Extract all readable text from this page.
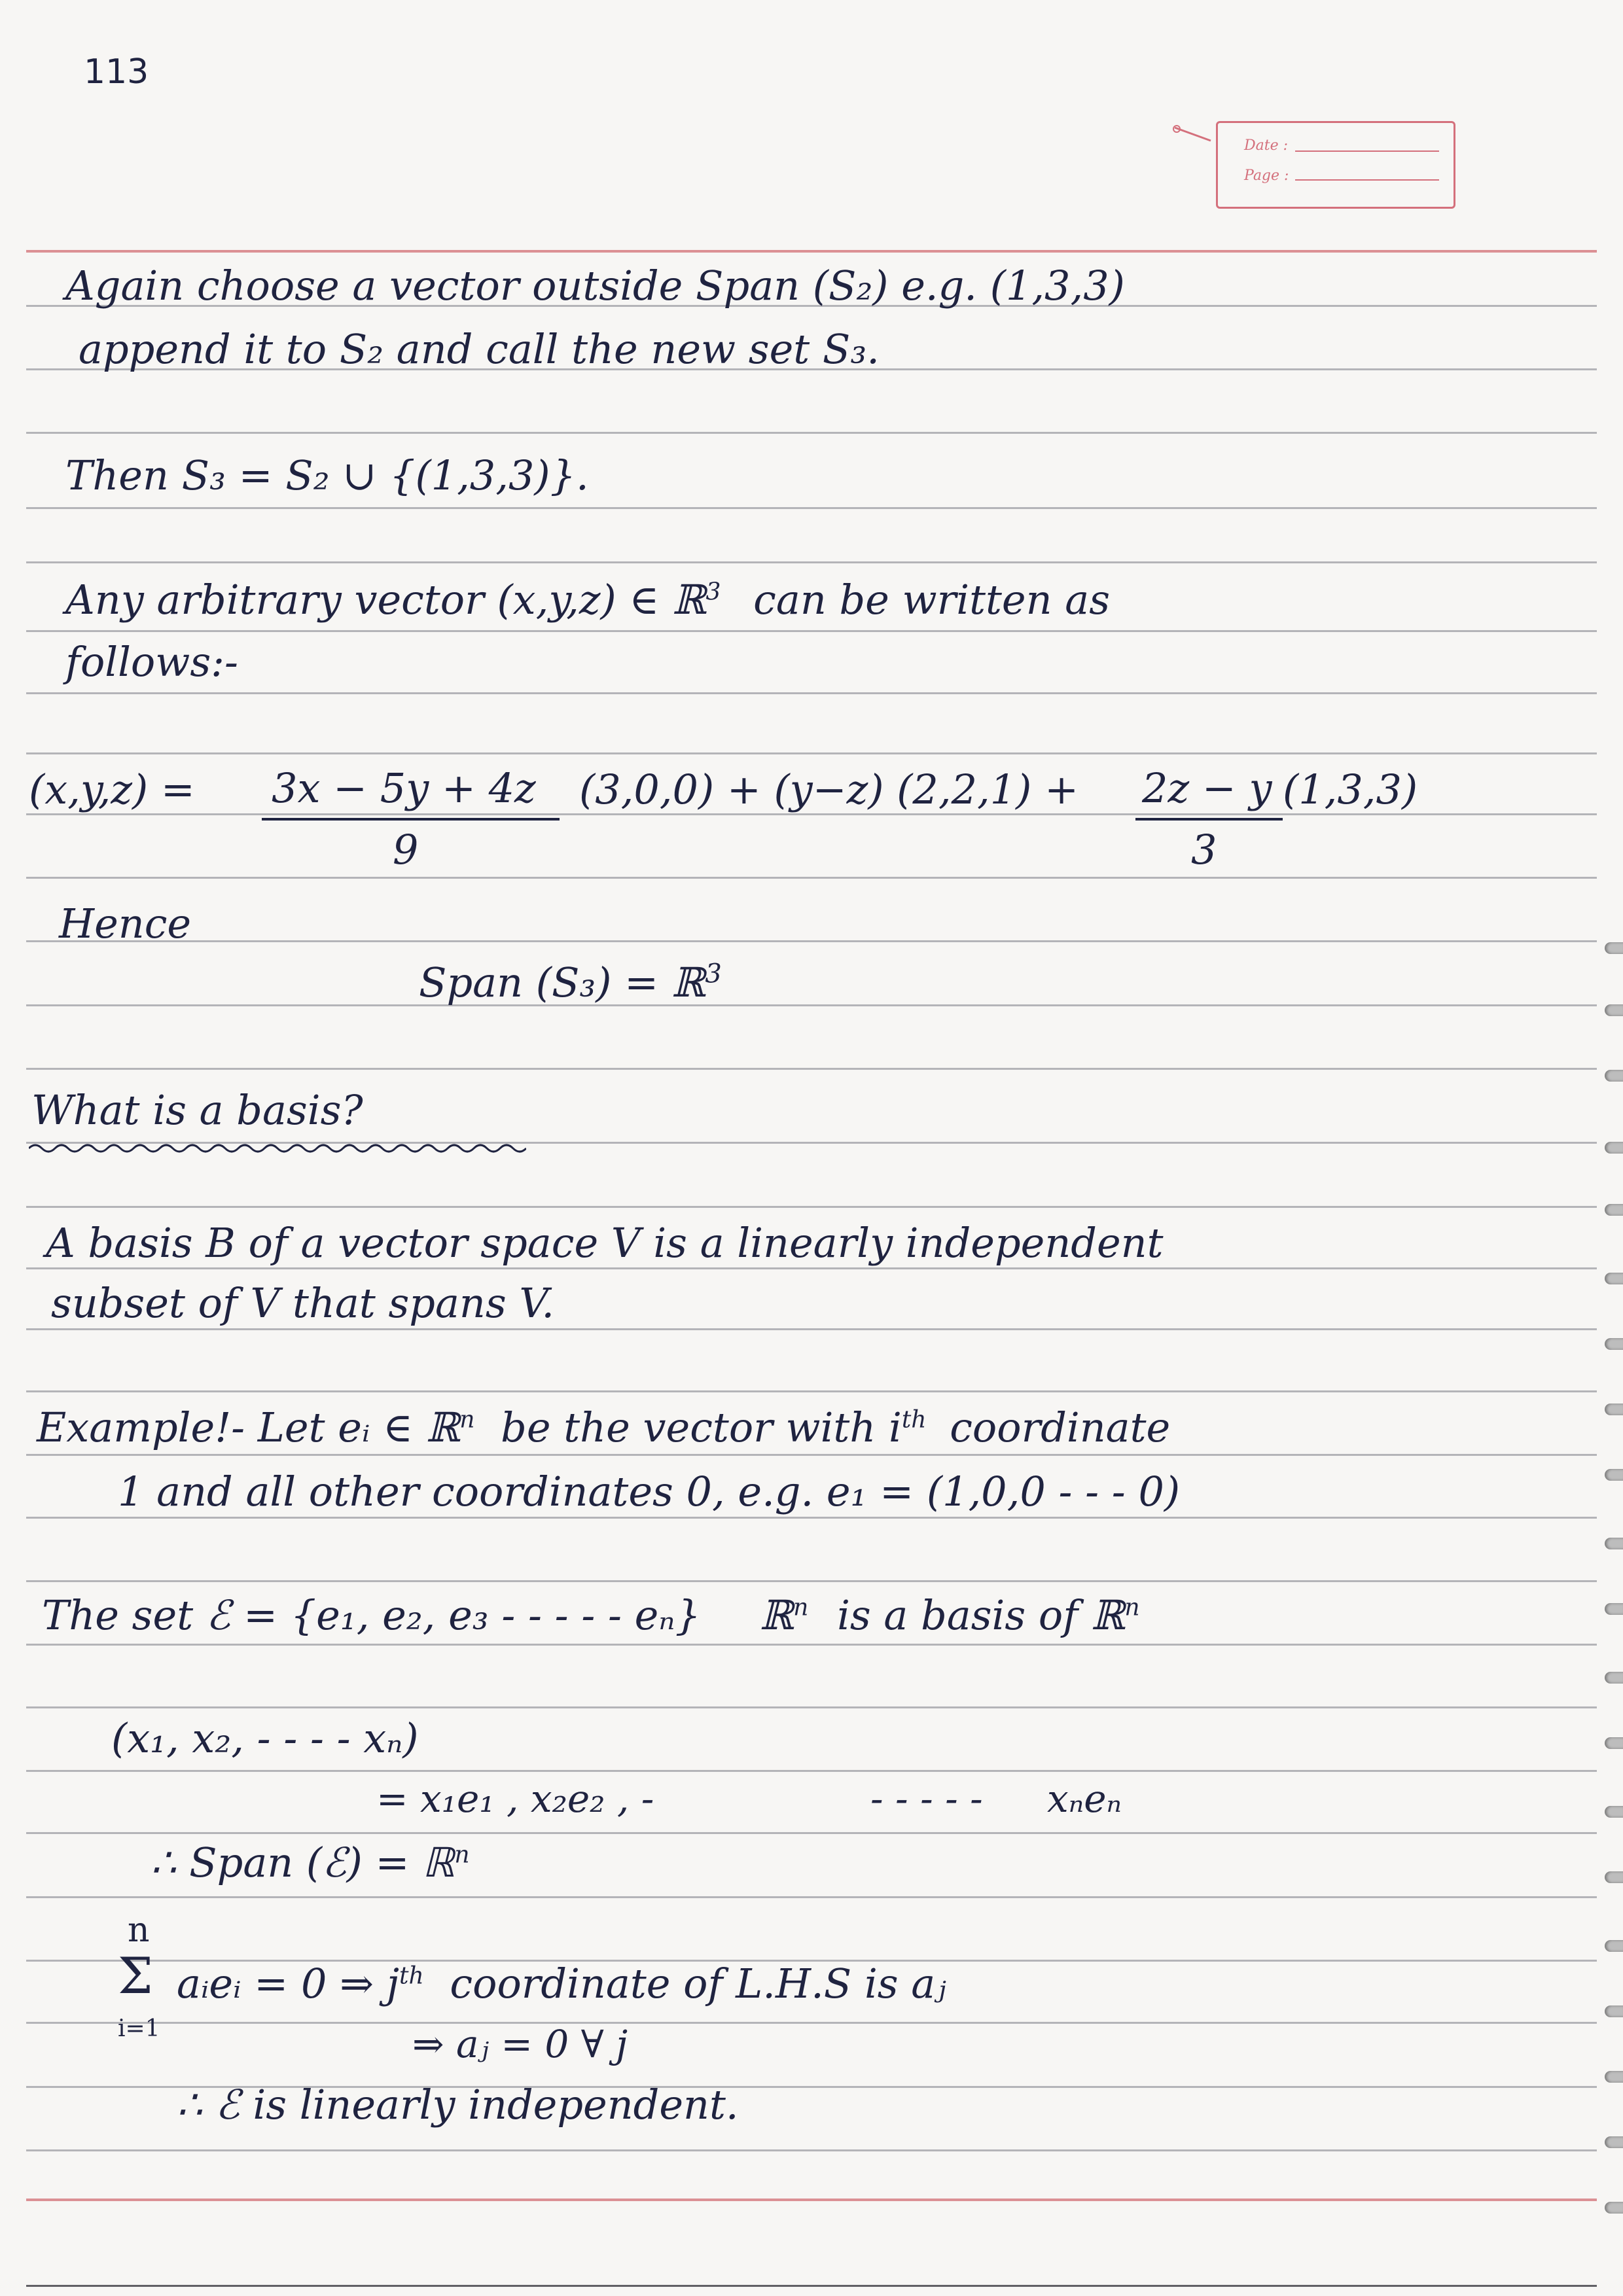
113
Date :
Page :
Again choose a vector outside Span (S₂) e.g. (1,3,3)
append it to S₂ and call the new set S₃.
Then S₃ = S₂ ∪ {(1,3,3)}.
Any arbitrary vector (x,y,z) ∈ ℝ$^3$ can be written as
follows:-
(x,y,z) = 3x − 5y + 4z
9
(3,0,0) + (y−z) (2,2,1) + 2z − y
3
(1,3,3)
Hence
Span (S₃) = ℝ$^3$
What is a basis?
A basis B of a vector space V is a linearly independent
subset of V that spans V.
Example!- Let eᵢ ∈ ℝ$^n$ be the vector with $i^{th}$ coordinate
1 and all other coordinates 0, e.g. e₁ = (1,0,0 - - - 0)
The set ℰ = {e₁, e₂, e₃ - - - - - eₙ} ℝ$^n$ is a basis of ℝ$^n$
(x₁, x₂, - - - - xₙ)
= x₁e₁ , x₂e₂ , -	- - - - - xₙeₙ
∴ Span (ℰ) = ℝ$^n$
n
Σ
i=1
aᵢeᵢ = 0 ⇒ $j^{th}$ coordinate of L.H.S is aⱼ
⇒ aⱼ = 0 ∀ j
∴ ℰ is linearly independent.
